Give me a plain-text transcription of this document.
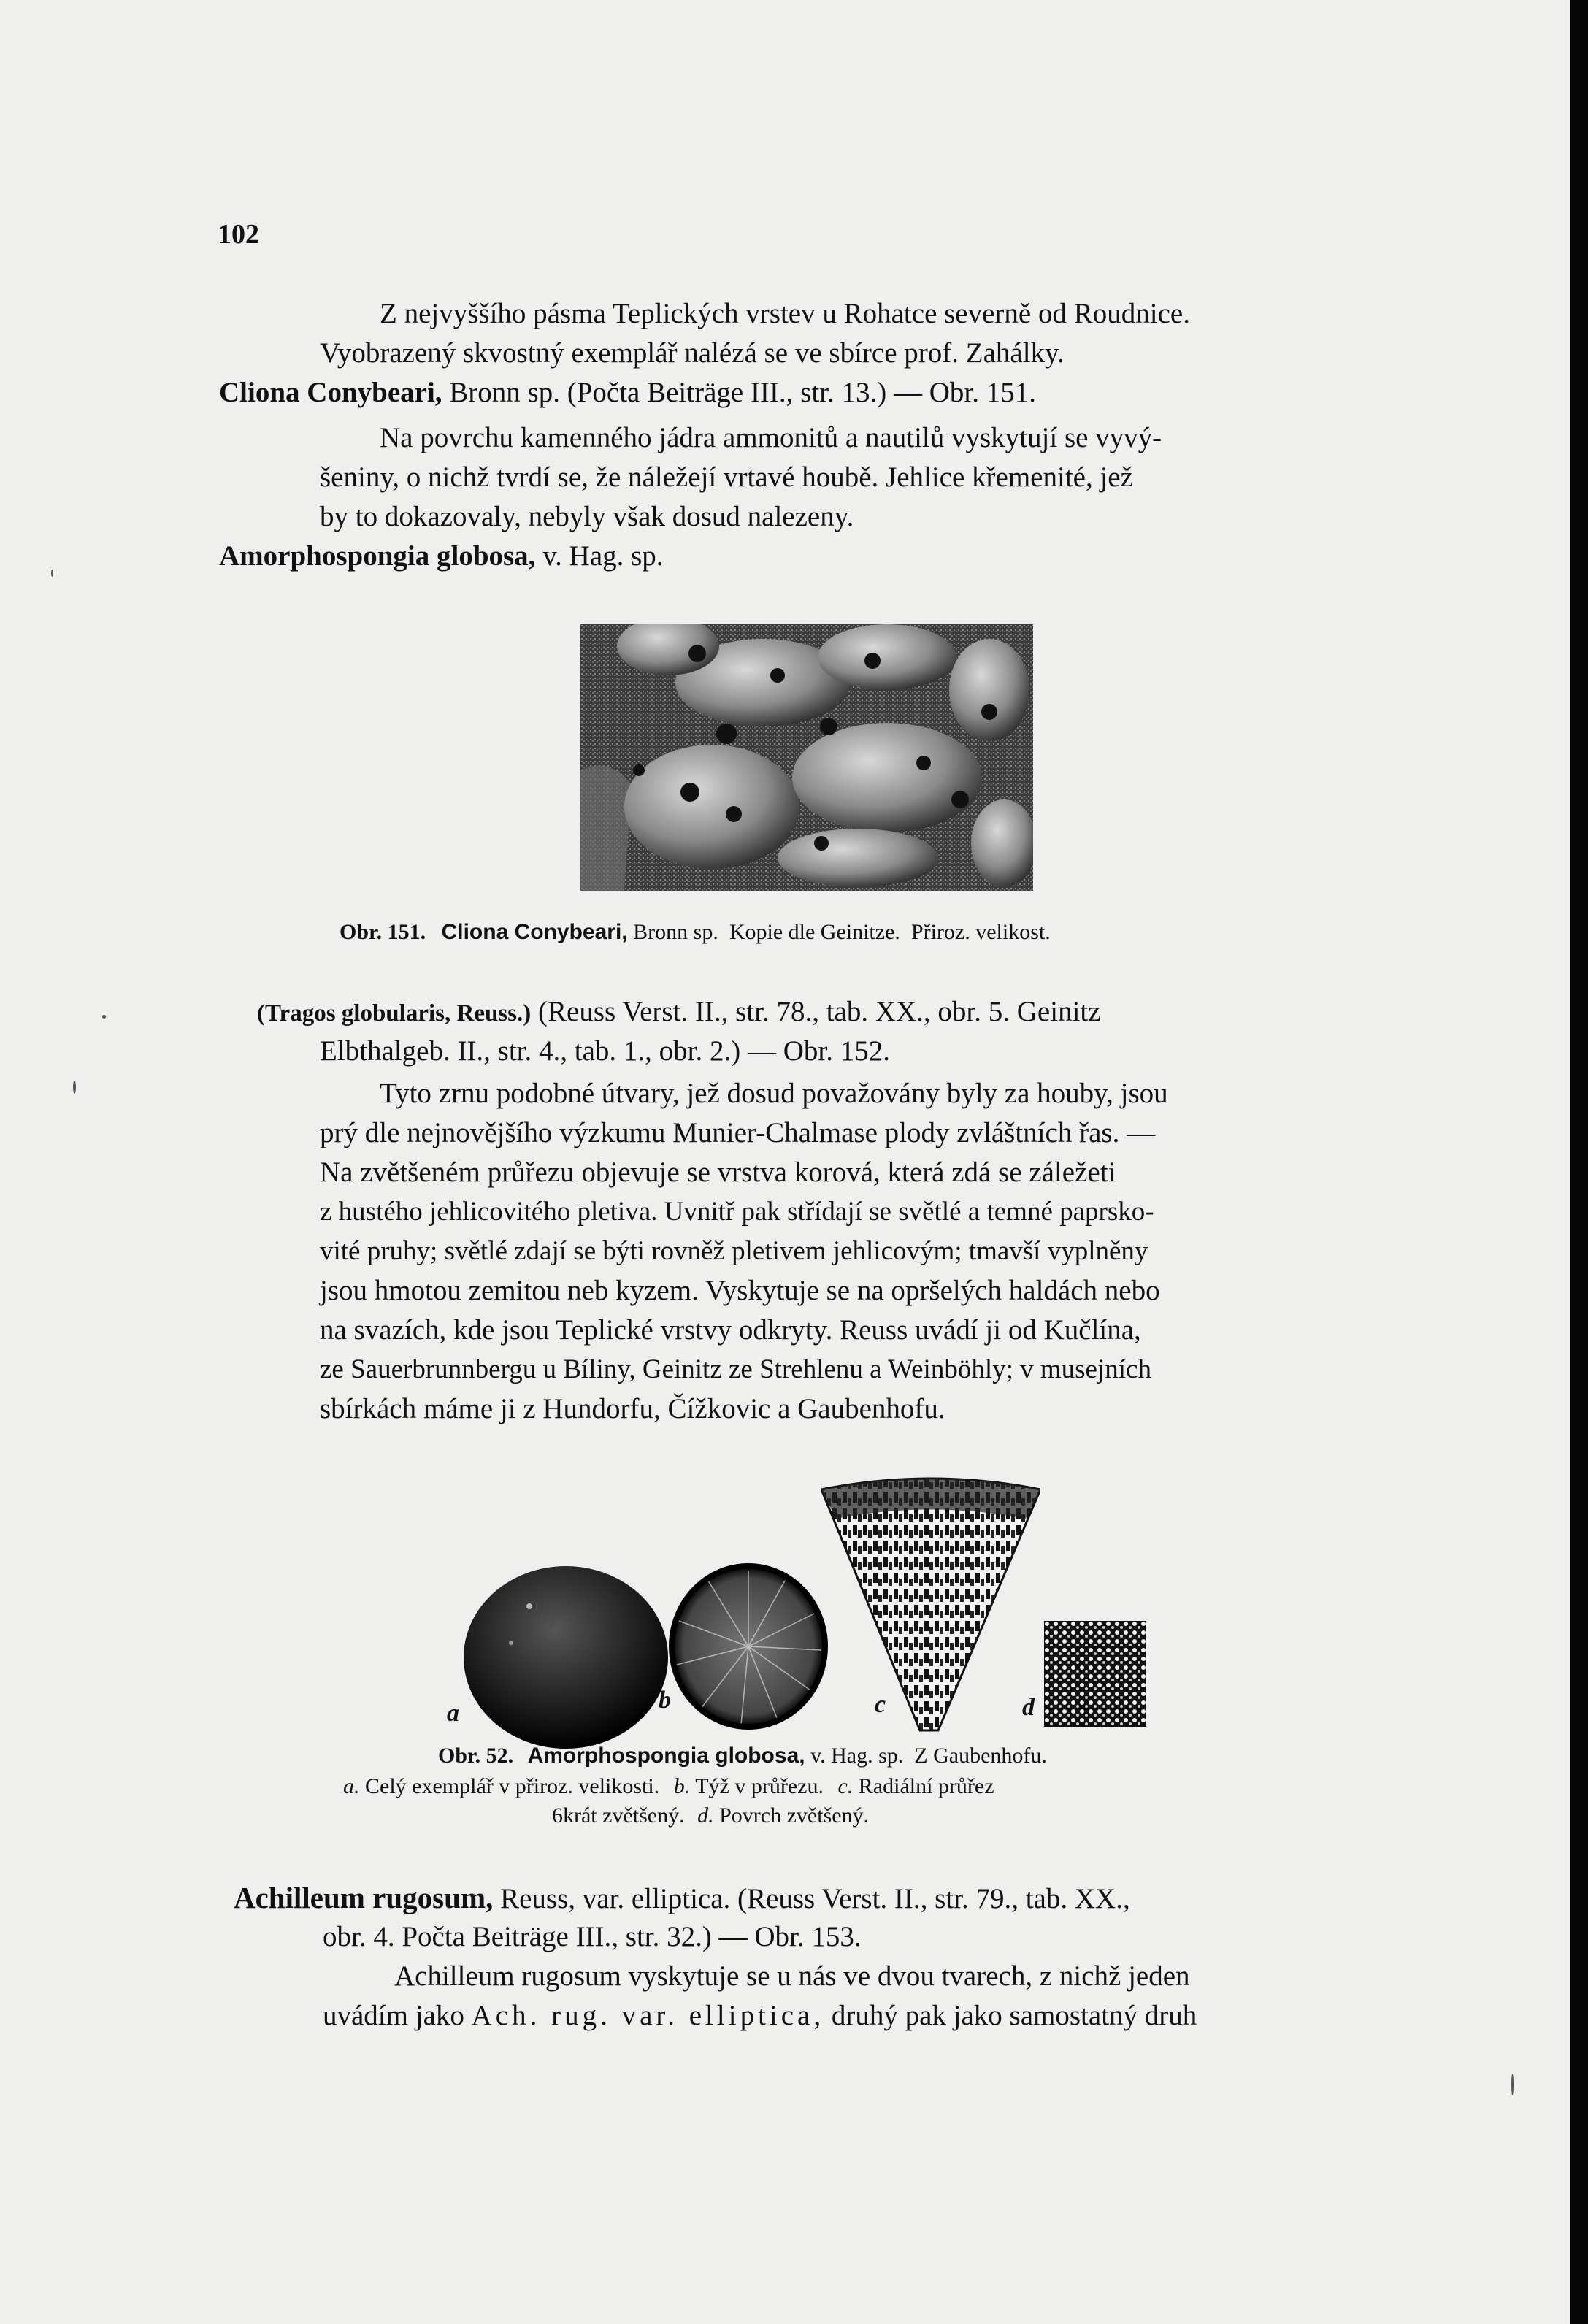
102
Z nejvyššího pásma Teplických vrstev u Rohatce severně od Roudnice.
Vyobrazený skvostný exemplář nalézá se ve sbírce prof. Zahálky.
Cliona Conybeari, Bronn sp. (Počta Beiträge III., str. 13.) — Obr. 151.
Na povrchu kamenného jádra ammonitů a nautilů vyskytují se vyvý-
šeniny, o nichž tvrdí se, že náležejí vrtavé houbě. Jehlice křemenité, jež
by to dokazovaly, nebyly však dosud nalezeny.
Amorphospongia globosa, v. Hag. sp.
Obr. 151. Cliona Conybeari, Bronn sp.  Kopie dle Geinitze.  Přiroz. velikost.
(Tragos globularis, Reuss.) (Reuss Verst. II., str. 78., tab. XX., obr. 5. Geinitz
Elbthalgeb. II., str. 4., tab. 1., obr. 2.) — Obr. 152.
Tyto zrnu podobné útvary, jež dosud považovány byly za houby, jsou
prý dle nejnovějšího výzkumu Munier-Chalmase plody zvláštních řas. —
Na zvětšeném průřezu objevuje se vrstva korová, která zdá se záležeti
z hustého jehlicovitého pletiva. Uvnitř pak střídají se světlé a temné paprsko-
vité pruhy; světlé zdají se býti rovněž pletivem jehlicovým; tmavší vyplněny
jsou hmotou zemitou neb kyzem. Vyskytuje se na opršelých haldách nebo
na svazích, kde jsou Teplické vrstvy odkryty. Reuss uvádí ji od Kučlína,
ze Sauerbrunnbergu u Bíliny, Geinitz ze Strehlenu a Weinböhly; v musejních
sbírkách máme ji z Hundorfu, Čížkovic a Gaubenhofu.
a	b	c	d
Obr. 52. Amorphospongia globosa, v. Hag. sp.  Z Gaubenhofu.
a. Celý exemplář v přiroz. velikosti. b. Týž v průřezu. c. Radiální průřez
6krát zvětšený. d. Povrch zvětšený.
Achilleum rugosum, Reuss, var. elliptica. (Reuss Verst. II., str. 79., tab. XX.,
obr. 4. Počta Beiträge III., str. 32.) — Obr. 153.
Achilleum rugosum vyskytuje se u nás ve dvou tvarech, z nichž jeden
uvádím jako Ach. rug. var. elliptica, druhý pak jako samostatný druh
